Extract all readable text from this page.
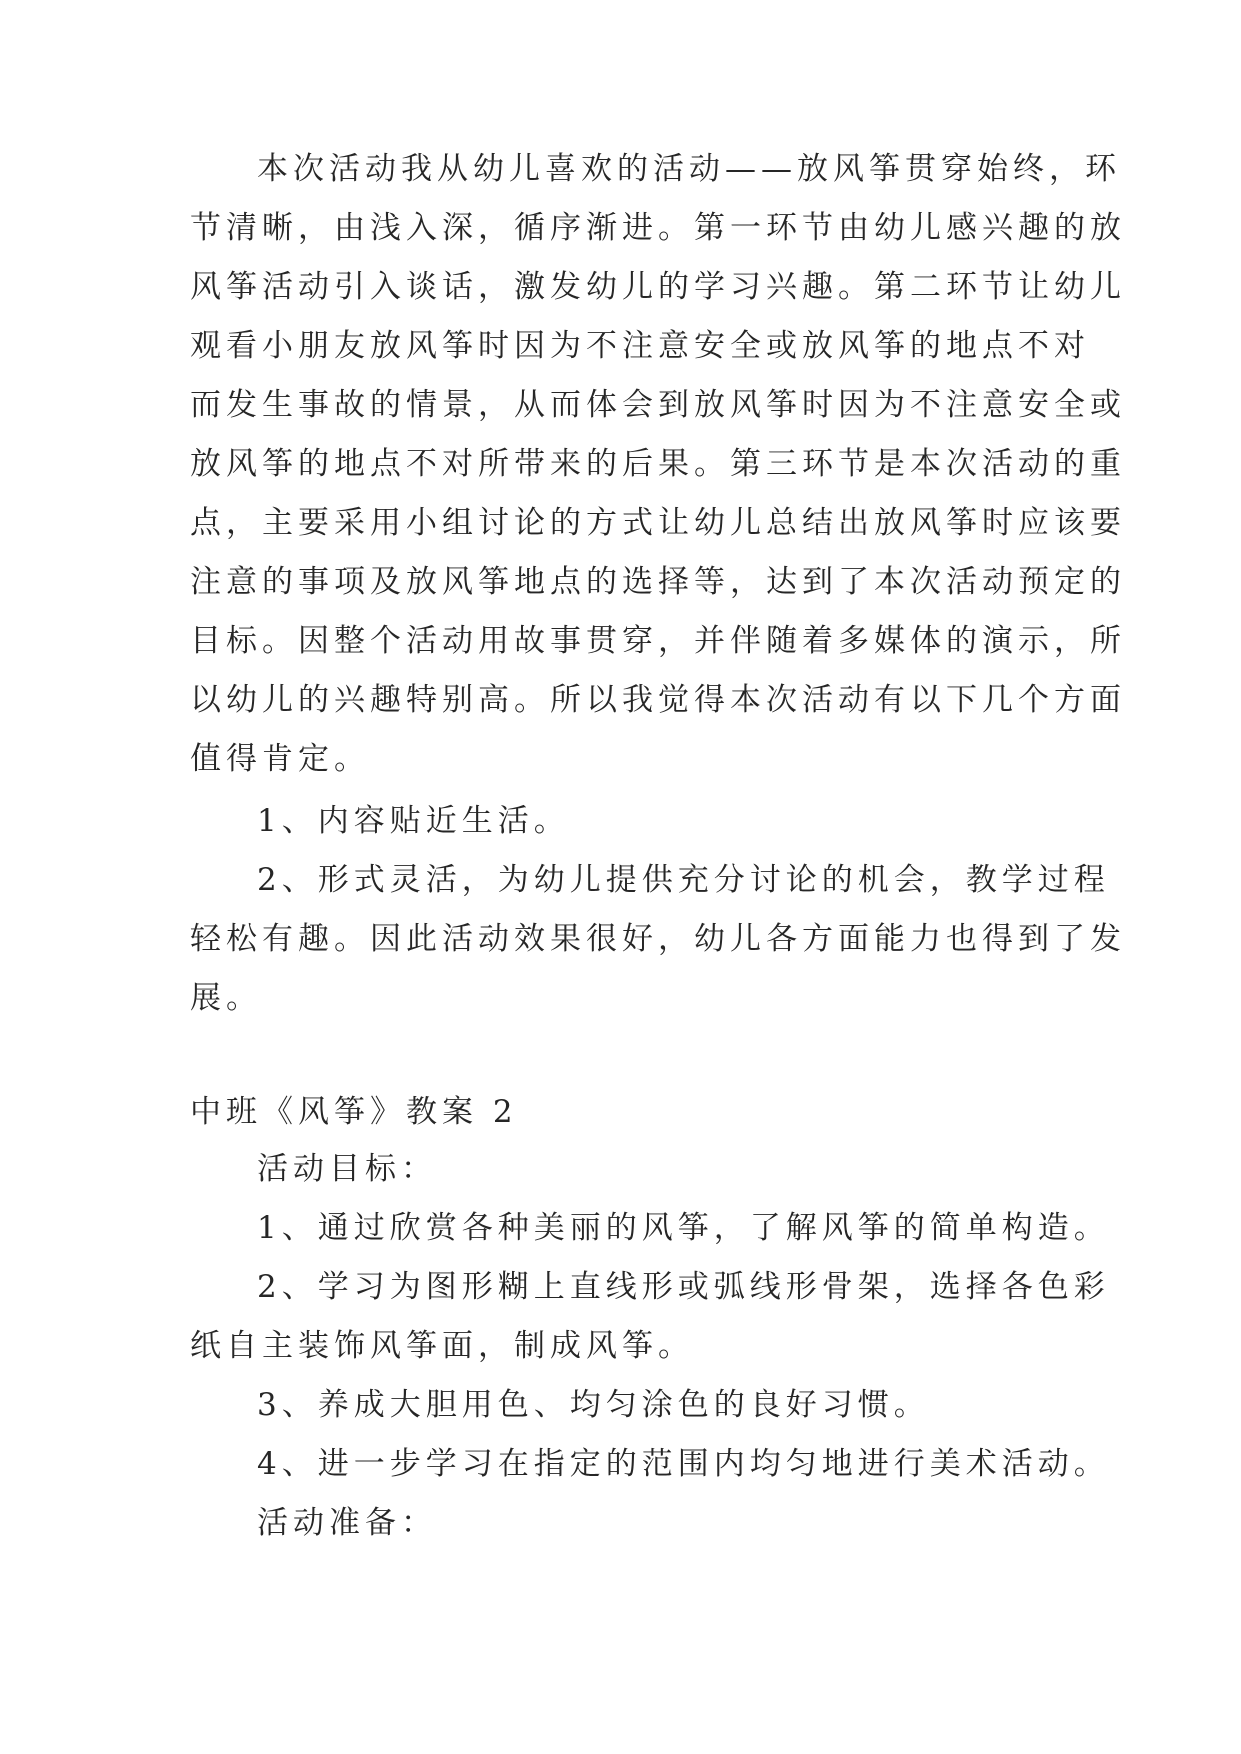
本次活动我从幼儿喜欢的活动——放风筝贯穿始终，环
节清晰，由浅入深，循序渐进。第一环节由幼儿感兴趣的放
风筝活动引入谈话，激发幼儿的学习兴趣。第二环节让幼儿
观看小朋友放风筝时因为不注意安全或放风筝的地点不对
而发生事故的情景，从而体会到放风筝时因为不注意安全或
放风筝的地点不对所带来的后果。第三环节是本次活动的重
点，主要采用小组讨论的方式让幼儿总结出放风筝时应该要
注意的事项及放风筝地点的选择等，达到了本次活动预定的
目标。因整个活动用故事贯穿，并伴随着多媒体的演示，所
以幼儿的兴趣特别高。所以我觉得本次活动有以下几个方面
值得肯定。
1、内容贴近生活。
2、形式灵活，为幼儿提供充分讨论的机会，教学过程
轻松有趣。因此活动效果很好，幼儿各方面能力也得到了发
展。
中班《风筝》教案 2
活动目标：
1、通过欣赏各种美丽的风筝，了解风筝的简单构造。
2、学习为图形糊上直线形或弧线形骨架，选择各色彩
纸自主装饰风筝面，制成风筝。
3、养成大胆用色、均匀涂色的良好习惯。
4、进一步学习在指定的范围内均匀地进行美术活动。
活动准备：
